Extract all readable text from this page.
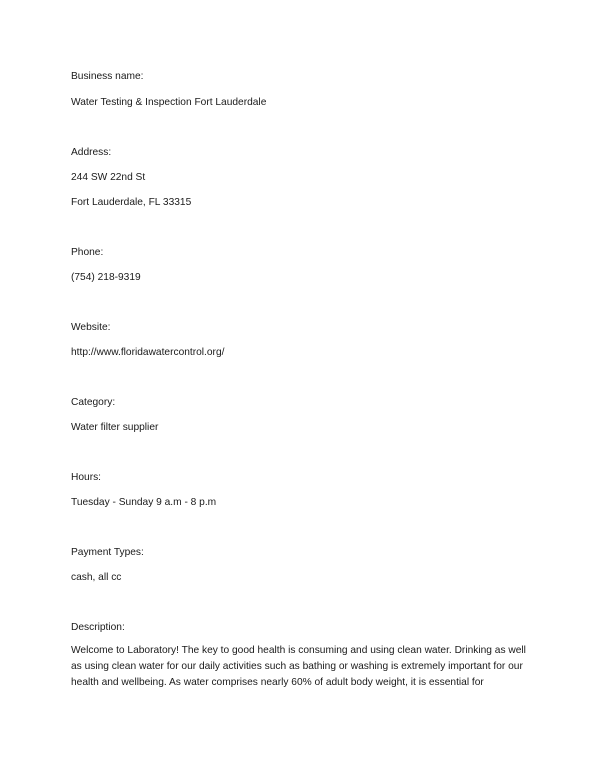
Business name:

Water Testing & Inspection Fort Lauderdale

Address:

244 SW 22nd St

Fort Lauderdale, FL 33315

Phone:

(754) 218-9319

Website:

http://www.floridawatercontrol.org/

Category:

Water filter supplier

Hours:

Tuesday - Sunday 9 a.m - 8 p.m

Payment Types:

cash, all cc

Description:

Welcome to Laboratory! The key to good health is consuming and using clean water. Drinking as well as using clean water for our daily activities such as bathing or washing is extremely important for our health and wellbeing. As water comprises nearly 60% of adult body weight, it is essential for
